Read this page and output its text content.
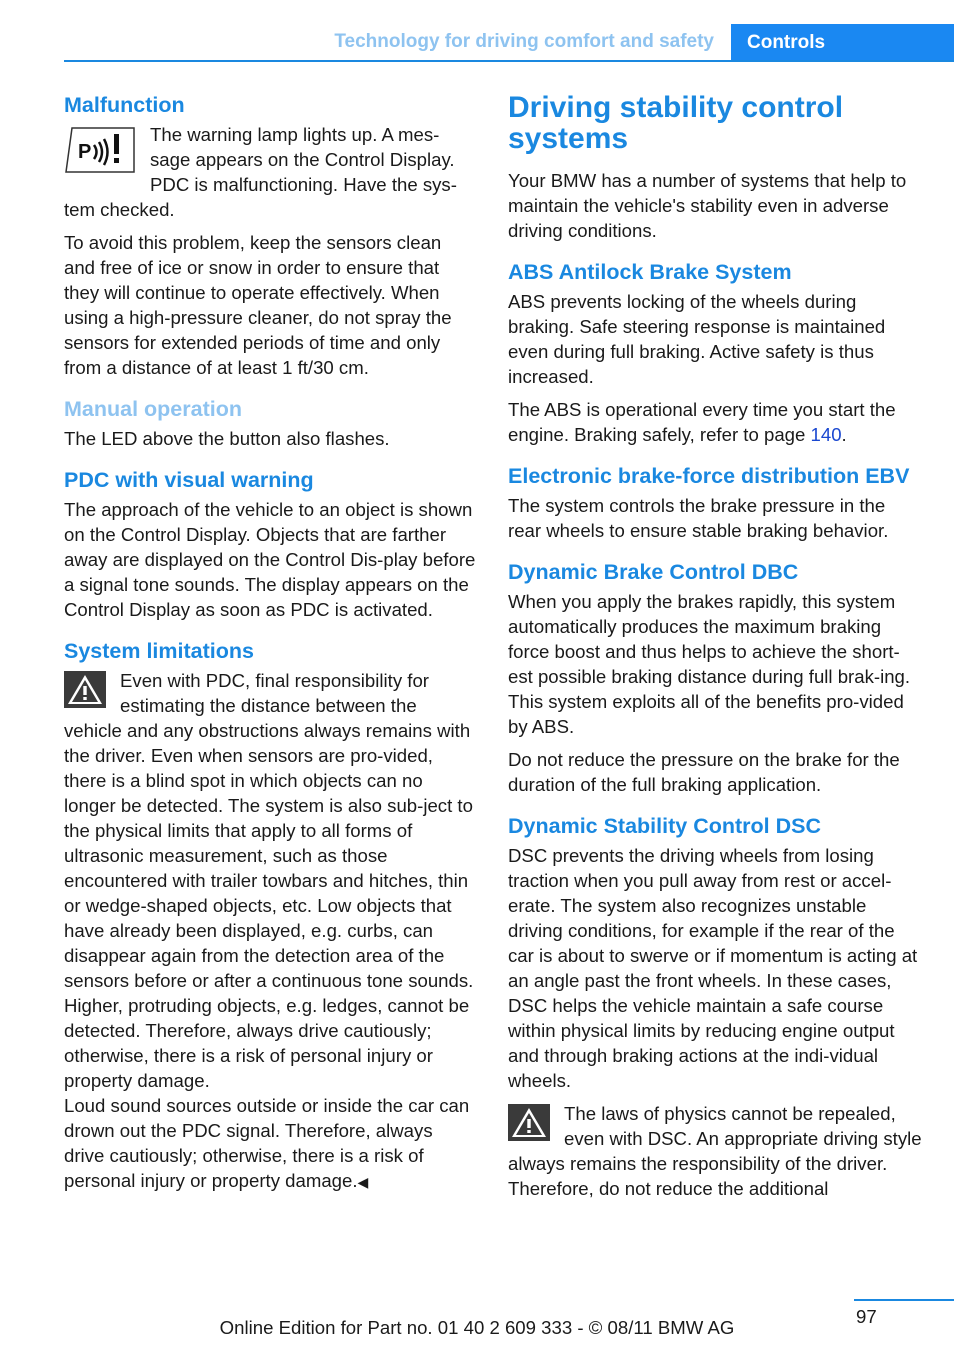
Technology for driving comfort and safety	Controls
Malfunction
P

The warning lamp lights up. A mes-sage appears on the Control Display. PDC is malfunctioning. Have the sys-tem checked.

To avoid this problem, keep the sensors clean and free of ice or snow in order to ensure that they will continue to operate effectively. When using a high-pressure cleaner, do not spray the sensors for extended periods of time and only from a distance of at least 1 ft/30 cm.

Manual operation

The LED above the button also flashes.

PDC with visual warning

The approach of the vehicle to an object is shown on the Control Display. Objects that are farther away are displayed on the Control Dis-play before a signal tone sounds. The display appears on the Control Display as soon as PDC is activated.

System limitations

Even with PDC, final responsibility for estimating the distance between the vehicle and any obstructions always remains with the driver. Even when sensors are pro-vided, there is a blind spot in which objects can no longer be detected. The system is also sub-ject to the physical limits that apply to all forms of ultrasonic measurement, such as those encountered with trailer towbars and hitches, thin or wedge-shaped objects, etc. Low objects that have already been displayed, e.g. curbs, can disappear again from the detection area of the sensors before or after a continuous tone sounds. Higher, protruding objects, e.g. ledges, cannot be detected. Therefore, always drive cautiously; otherwise, there is a risk of personal injury or property damage.

Loud sound sources outside or inside the car can drown out the PDC signal. Therefore, always drive cautiously; otherwise, there is a risk of personal injury or property damage.◀

Driving stability control systems

Your BMW has a number of systems that help to maintain the vehicle's stability even in adverse driving conditions.

ABS Antilock Brake System

ABS prevents locking of the wheels during braking. Safe steering response is maintained even during full braking. Active safety is thus increased.

The ABS is operational every time you start the engine. Braking safely, refer to page 140.

Electronic brake-force distribution EBV

The system controls the brake pressure in the rear wheels to ensure stable braking behavior.

Dynamic Brake Control DBC

When you apply the brakes rapidly, this system automatically produces the maximum braking force boost and thus helps to achieve the short-est possible braking distance during full brak-ing. This system exploits all of the benefits pro-vided by ABS.

Do not reduce the pressure on the brake for the duration of the full braking application.

Dynamic Stability Control DSC

DSC prevents the driving wheels from losing traction when you pull away from rest or accel-erate. The system also recognizes unstable driving conditions, for example if the rear of the car is about to swerve or if momentum is acting at an angle past the front wheels. In these cases, DSC helps the vehicle maintain a safe course within physical limits by reducing engine output and through braking actions at the indi-vidual wheels.

The laws of physics cannot be repealed, even with DSC. An appropriate driving style always remains the responsibility of the driver. Therefore, do not reduce the additional

97
Online Edition for Part no. 01 40 2 609 333 - © 08/11 BMW AG
